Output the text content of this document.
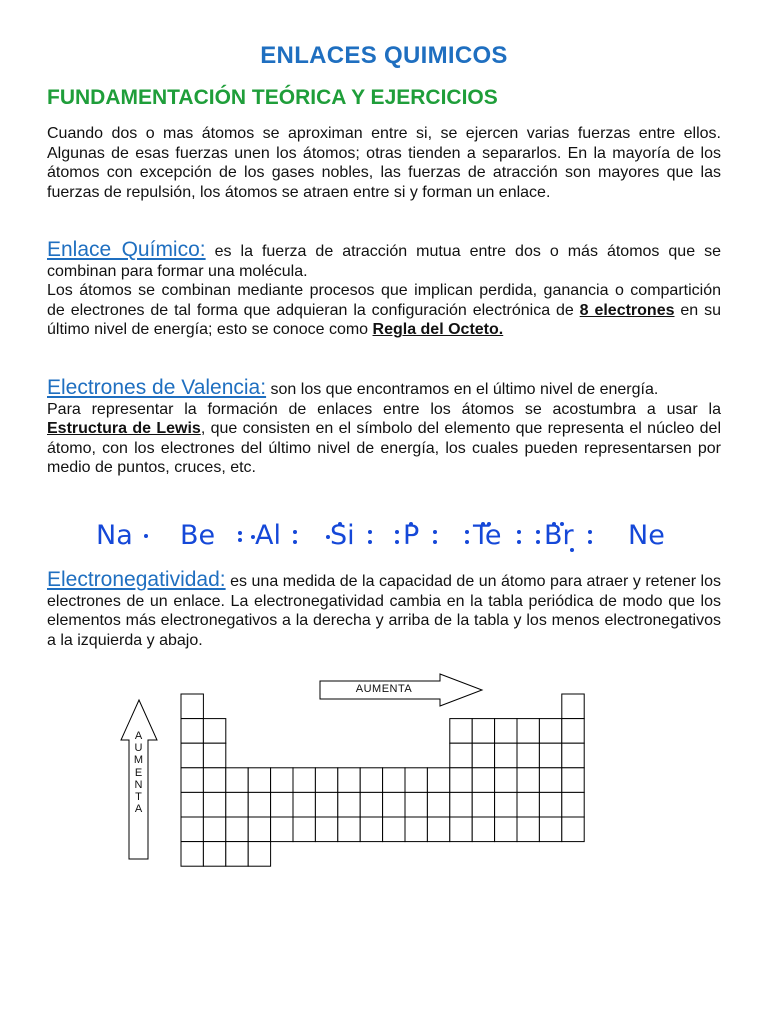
ENLACES QUIMICOS
FUNDAMENTACIÓN TEÓRICA Y EJERCICIOS
Cuando dos o mas átomos se aproximan entre si, se ejercen varias fuerzas entre ellos. Algunas de esas fuerzas unen los átomos; otras tienden a separarlos. En la mayoría de los átomos con excepción de los gases nobles, las fuerzas de atracción son mayores que las fuerzas de repulsión, los átomos se atraen entre si y forman un enlace.
Enlace Químico: es la fuerza de atracción mutua entre dos o más átomos que se combinan para formar una molécula.
Los átomos se combinan mediante procesos que implican perdida, ganancia o compartición de electrones de tal forma que adquieran la configuración electrónica de 8 electrones en su último nivel de energía; esto se conoce como Regla del Octeto.
Electrones de Valencia: son los que encontramos en el último nivel de energía.
Para representar la formación de enlaces entre los átomos se acostumbra a usar la Estructura de Lewis, que consisten en el símbolo del elemento que representa el núcleo del átomo, con los electrones del último nivel de energía, los cuales pueden representarsen por medio de puntos, cruces, etc.
Na Be Al Si P Te Br Ne
Electronegatividad: es una medida de la capacidad de un átomo para atraer y retener los electrones de un enlace. La electronegatividad cambia en la tabla periódica de modo que los elementos más electronegativos a la derecha y arriba de la tabla y los menos electronegativos a la izquierda y abajo.
AUMENTA
A
U
M
E
N
T
A
